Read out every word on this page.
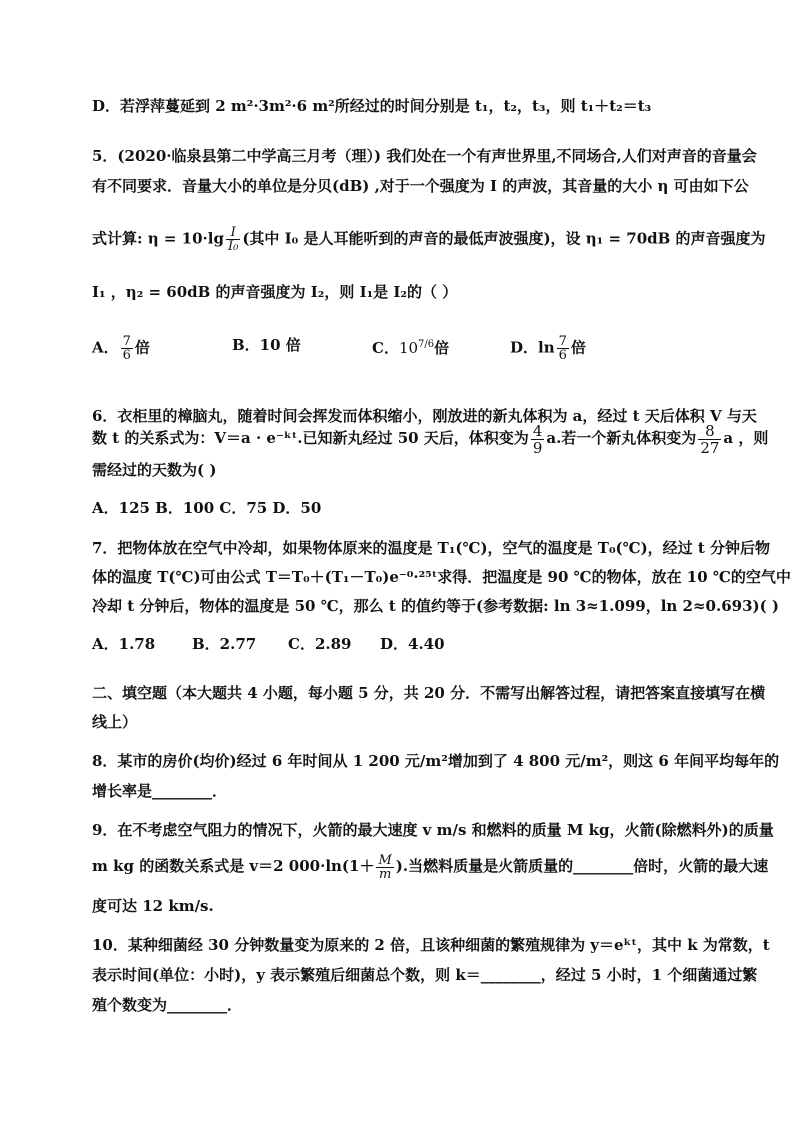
D．若浮萍蔓延到 2 m²·3m²·6 m²所经过的时间分别是 t₁，t₂，t₃，则 t₁＋t₂＝t₃
5．(2020·临泉县第二中学高三月考（理）) 我们处在一个有声世界里,不同场合,人们对声音的音量会
有不同要求．音量大小的单位是分贝(dB) ,对于一个强度为 I 的声波，其音量的大小 η 可由如下公
式计算: $\eta = 10\cdot\lg \frac{I}{\text{I₀}}$ (其中 I₀ 是人耳能听到的声音的最低声波强度)，设 η₁ = 70dB 的声音强度为
I₁ ，η₂ = 60dB 的声音强度为 I₂，则 I₁是 I₂的（ ）
A． $\frac{7}{6}$ 倍	B．10 倍	C．$10^{7/6}$倍	D．$\ln \frac{7}{6}$ 倍
6．衣柜里的樟脑丸，随着时间会挥发而体积缩小，刚放进的新丸体积为 a，经过 t 天后体积 V 与天
数 t 的关系式为：V＝a · e⁻ᵏᵗ.已知新丸经过 50 天后，体积变为 $\frac{4}{9} a$.若一个新丸体积变为 $\frac{8}{27}$ a ，则
需经过的天数为( )
A．125 B．100 C．75 D．50
7．把物体放在空气中冷却，如果物体原来的温度是 T₁(℃)，空气的温度是 T₀(℃)，经过 t 分钟后物
体的温度 T(℃)可由公式 T＝T₀＋(T₁－T₀)e⁻⁰·²⁵ᵗ求得．把温度是 90 ℃的物体，放在 10 ℃的空气中
冷却 t 分钟后，物体的温度是 50 ℃，那么 t 的值约等于(参考数据: ln 3≈1.099，ln 2≈0.693)( )
A．1.78 B．2.77 C．2.89 D．4.40
二、填空题（本大题共 4 小题，每小题 5 分，共 20 分．不需写出解答过程，请把答案直接填写在横
线上）
8．某市的房价(均价)经过 6 年时间从 1 200 元/m²增加到了 4 800 元/m²，则这 6 年间平均每年的
增长率是________．
9．在不考虑空气阻力的情况下，火箭的最大速度 v m/s 和燃料的质量 M kg，火箭(除燃料外)的质量
m kg 的函数关系式是 v＝2 $000\cdot\ln(1+ \frac{M}{m}$ ).当燃料质量是火箭质量的________倍时，火箭的最大速
度可达 12 km/s.
10．某种细菌经 30 分钟数量变为原来的 2 倍，且该种细菌的繁殖规律为 y＝eᵏᵗ，其中 k 为常数，t
表示时间(单位：小时)，y 表示繁殖后细菌总个数，则 k＝________，经过 5 小时，1 个细菌通过繁
殖个数变为________．
